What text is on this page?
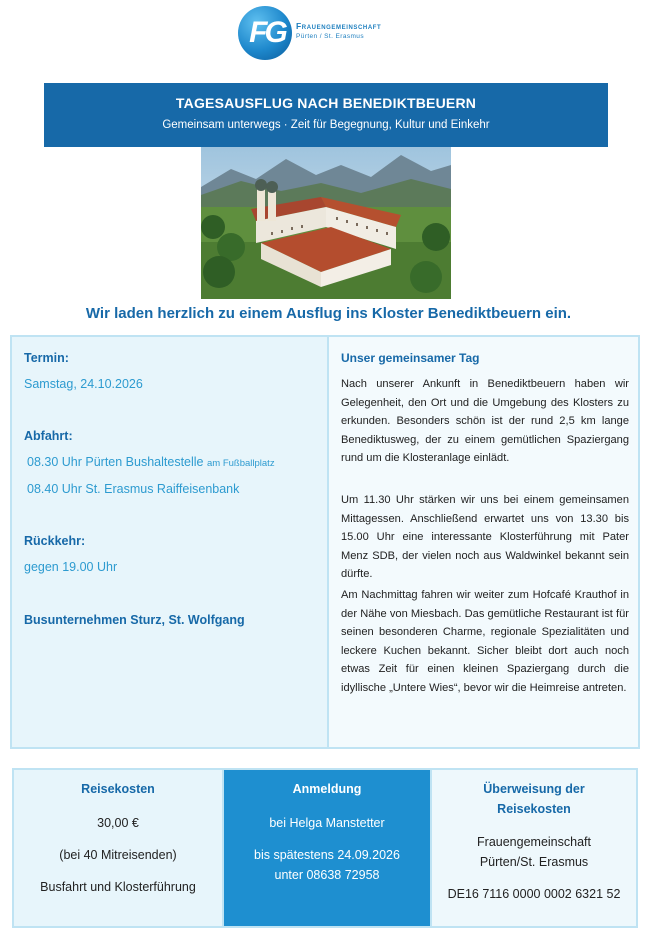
FG	Frauengemeinschaft
Pürten / St. Erasmus
TAGESAUSFLUG NACH BENEDIKTBEUERN
Gemeinsam unterwegs · Zeit für Begegnung, Kultur und Einkehr
Wir laden herzlich zu einem Ausflug ins Kloster Benediktbeuern ein.
Termin:
Samstag, 24.10.2026
Abfahrt:
08.30 Uhr Pürten Bushaltestelle am Fußballplatz
08.40 Uhr St. Erasmus Raiffeisenbank
Rückkehr:
gegen 19.00 Uhr
Busunternehmen Sturz, St. Wolfgang
Unser gemeinsamer Tag

Nach unserer Ankunft in Benediktbeuern haben wir Gelegenheit, den Ort und die Umgebung des Klosters zu erkunden. Besonders schön ist der rund 2,5 km lange Benediktusweg, der zu einem gemütlichen Spaziergang rund um die Klosteranlage einlädt.

Um 11.30 Uhr stärken wir uns bei einem gemeinsamen Mittagessen. Anschließend erwartet uns von 13.30 bis 15.00 Uhr eine interessante Klosterführung mit Pater Menz SDB, der vielen noch aus Waldwinkel bekannt sein dürfte.

Am Nachmittag fahren wir weiter zum Hofcafé Krauthof in der Nähe von Miesbach. Das gemütliche Restaurant ist für seinen besonderen Charme, regionale Spezialitäten und leckere Kuchen bekannt. Sicher bleibt dort auch noch etwas Zeit für einen kleinen Spaziergang durch die idyllische „Untere Wies“, bevor wir die Heimreise antreten.

Reisekosten
30,00 €
(bei 40 Mitreisenden)
Busfahrt und Klosterführung
Anmeldung
bei Helga Manstetter
bis spätestens 24.09.2026
unter 08638 72958
Überweisung der
Reisekosten
Frauengemeinschaft
Pürten/St. Erasmus
DE16 7116 0000 0002 6321 52
